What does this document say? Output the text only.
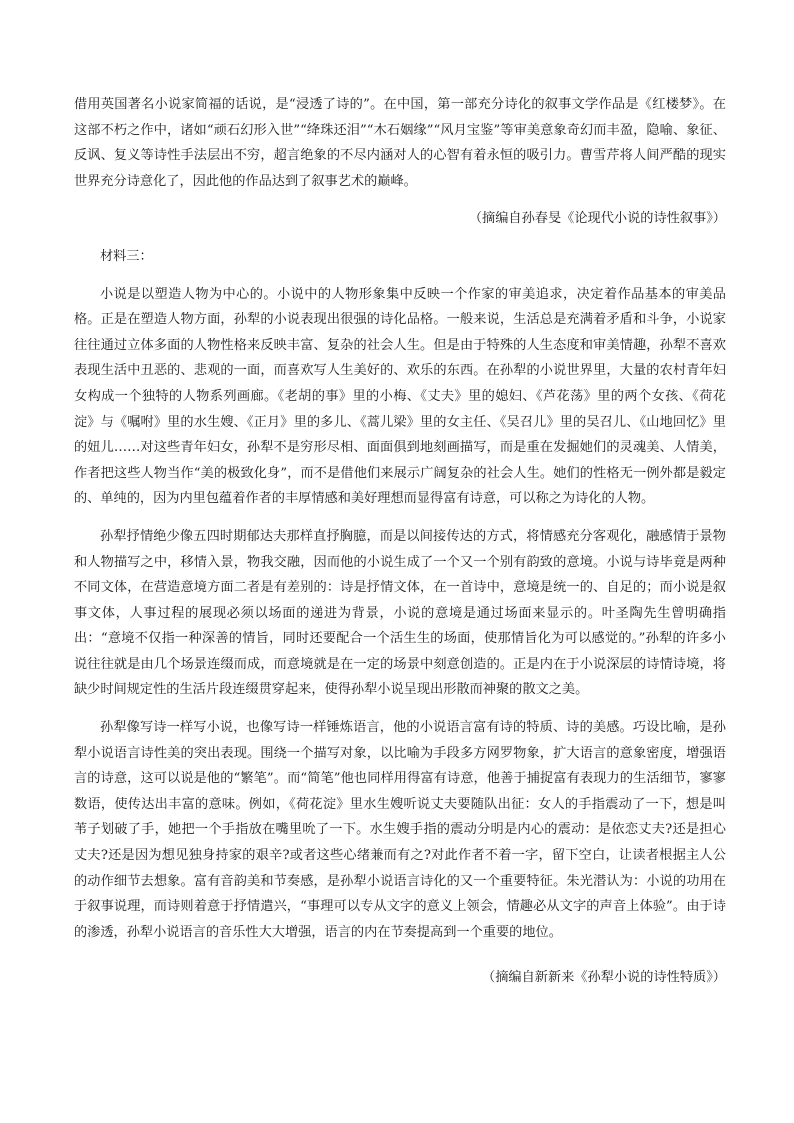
借用英国著名小说家简福的话说，是“浸透了诗的”。在中国，第一部充分诗化的叙事文学作品是《红楼梦》。在这部不朽之作中，诸如“顽石幻形入世”“绛珠还泪”“木石姻缘”“风月宝鉴”等审美意象奇幻而丰盈，隐喻、象征、反讽、复义等诗性手法层出不穷，超言绝象的不尽内涵对人的心智有着永恒的吸引力。曹雪芹将人间严酷的现实世界充分诗意化了，因此他的作品达到了叙事艺术的巅峰。

（摘编自孙春旻《论现代小说的诗性叙事》）

材料三：

小说是以塑造人物为中心的。小说中的人物形象集中反映一个作家的审美追求，决定着作品基本的审美品格。正是在塑造人物方面，孙犁的小说表现出很强的诗化品格。一般来说，生活总是充满着矛盾和斗争，小说家往往通过立体多面的人物性格来反映丰富、复杂的社会人生。但是由于特殊的人生态度和审美情趣，孙犁不喜欢表现生活中丑恶的、悲观的一面，而喜欢写人生美好的、欢乐的东西。在孙犁的小说世界里，大量的农村青年妇女构成一个独特的人物系列画廊。《老胡的事》里的小梅、《丈夫》里的媳妇、《芦花荡》里的两个女孩、《荷花淀》与《嘱咐》里的水生嫂、《正月》里的多儿、《蒿儿梁》里的女主任、《吴召儿》里的吴召儿、《山地回忆》里的妞儿……对这些青年妇女，孙犁不是穷形尽相、面面俱到地刻画描写，而是重在发掘她们的灵魂美、人情美，作者把这些人物当作“美的极致化身”，而不是借他们来展示广阔复杂的社会人生。她们的性格无一例外都是毅定的、单纯的，因为内里包蕴着作者的丰厚情感和美好理想而显得富有诗意，可以称之为诗化的人物。

孙犁抒情绝少像五四时期郁达夫那样直抒胸臆，而是以间接传达的方式，将情感充分客观化，融感情于景物和人物描写之中，移情入景，物我交融，因而他的小说生成了一个又一个别有韵致的意境。小说与诗毕竟是两种不同文体，在营造意境方面二者是有差别的：诗是抒情文体，在一首诗中，意境是统一的、自足的；而小说是叙事文体，人事过程的展现必须以场面的递进为背景，小说的意境是通过场面来显示的。叶圣陶先生曾明确指出：“意境不仅指一种深善的情旨，同时还要配合一个活生生的场面，使那情旨化为可以感觉的。”孙犁的许多小说往往就是由几个场景连缀而成，而意境就是在一定的场景中刻意创造的。正是内在于小说深层的诗情诗境，将缺少时间规定性的生活片段连缀贯穿起来，使得孙犁小说呈现出形散而神聚的散文之美。

孙犁像写诗一样写小说，也像写诗一样锤炼语言，他的小说语言富有诗的特质、诗的美感。巧设比喻，是孙犁小说语言诗性美的突出表现。围绕一个描写对象，以比喻为手段多方网罗物象，扩大语言的意象密度，增强语言的诗意，这可以说是他的“繁笔”。而“简笔”他也同样用得富有诗意，他善于捕捉富有表现力的生活细节，寥寥数语，使传达出丰富的意味。例如，《荷花淀》里水生嫂听说丈夫要随队出征：女人的手指震动了一下，想是叫苇子划破了手，她把一个手指放在嘴里吮了一下。水生嫂手指的震动分明是内心的震动：是依恋丈夫?还是担心丈夫?还是因为想见独身持家的艰辛?或者这些心绪兼而有之?对此作者不着一字，留下空白，让读者根据主人公的动作细节去想象。富有音韵美和节奏感，是孙犁小说语言诗化的又一个重要特征。朱光潜认为：小说的功用在于叙事说理，而诗则着意于抒情遣兴，“事理可以专从文字的意义上领会，情趣必从文字的声音上体验”。由于诗的渗透，孙犁小说语言的音乐性大大增强，语言的内在节奏提高到一个重要的地位。

（摘编自新新来《孙犁小说的诗性特质》）
